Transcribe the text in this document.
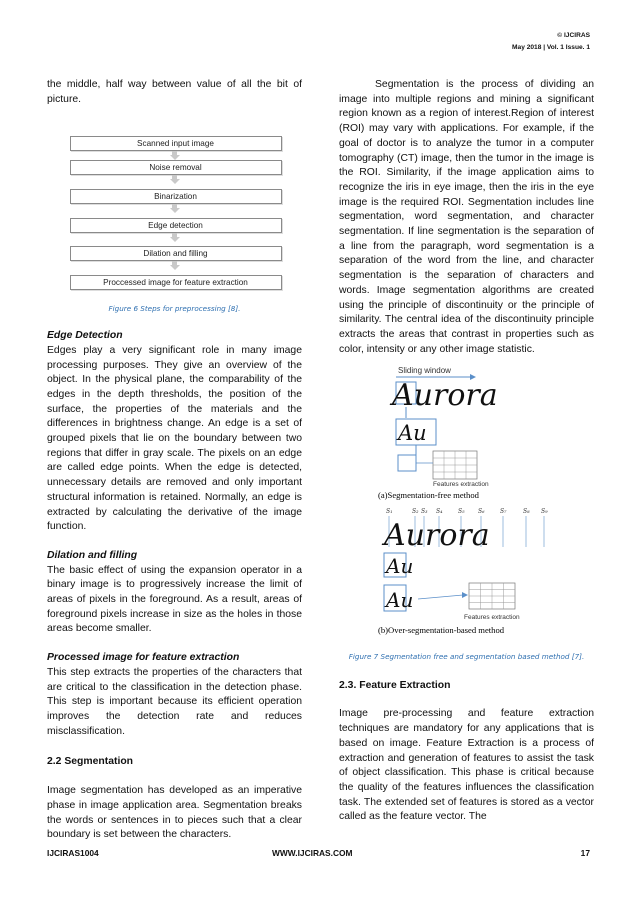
© IJCIRAS
May 2018 | Vol. 1 Issue. 1

the middle, half way between value of all the bit of picture.

Scanned input image
Noise removal
Binarization
Edge detection
Dilation and filling
Proccessed image for feature extraction
Figure 6 Steps for preprocessing [8].

Edge Detection

Edges play a very significant role in many image processing purposes. They give an overview of the object. In the physical plane, the comparability of the edges in the depth thresholds, the position of the surface, the properties of the materials and the differences in brightness change. An edge is a set of grouped pixels that lie on the boundary between two regions that differ in gray scale. The pixels on an edge are called edge points. When the edge is detected, unnecessary details are removed and only important structural information is retained. Normally, an edge is extracted by calculating the derivative of the image function.

Dilation and filling

The basic effect of using the expansion operator in a binary image is to progressively increase the limit of areas of pixels in the foreground. As a result, areas of foreground pixels increase in size as the holes in those areas become smaller.

Processed image for feature extraction

This step extracts the properties of the characters that are critical to the classification in the detection phase. This step is important because its efficient operation improves the detection rate and reduces misclassification.

2.2 Segmentation

Image segmentation has developed as an imperative phase in image application area. Segmentation breaks the words or sentences in to pieces such that a clear boundary is set between the characters.

Segmentation is the process of dividing an image into multiple regions and mining a significant region known as a region of interest.Region of interest (ROI) may vary with applications. For example, if the goal of doctor is to analyze the tumor in a computer tomography (CT) image, then the tumor in the image is the ROI. Similarity, if the image application aims to recognize the iris in eye image, then the iris in the eye image is the required ROI. Segmentation includes line segmentation, word segmentation, and character segmentation. If line segmentation is the separation of a line from the paragraph, word segmentation is a separation of the word from the line, and character segmentation is the separation of characters and words. Image segmentation algorithms are created using the principle of discontinuity or the principle of similarity. The central idea of the discontinuity principle extracts the areas that contrast in properties such as color, intensity or any other image statistic.

Sliding window
Aurora
Au
Features extraction
(a)Segmentation-free method
S₁	S₂ S₃ S₄	S₅ S₆	S₇	S₈ S₉
Aurora
Au
Au
Features extraction
(b)Over-segmentation-based method
Figure 7 Segmentation free and segmentation based method [7].

2.3. Feature Extraction

Image pre-processing and feature extraction techniques are mandatory for any applications that is based on image. Feature Extraction is a process of extraction and generation of features to assist the task of object classification. This phase is critical because the quality of the features influences the classification task. The extended set of features is stored as a vector called as the feature vector. The

IJCIRAS1004	WWW.IJCIRAS.COM	17
